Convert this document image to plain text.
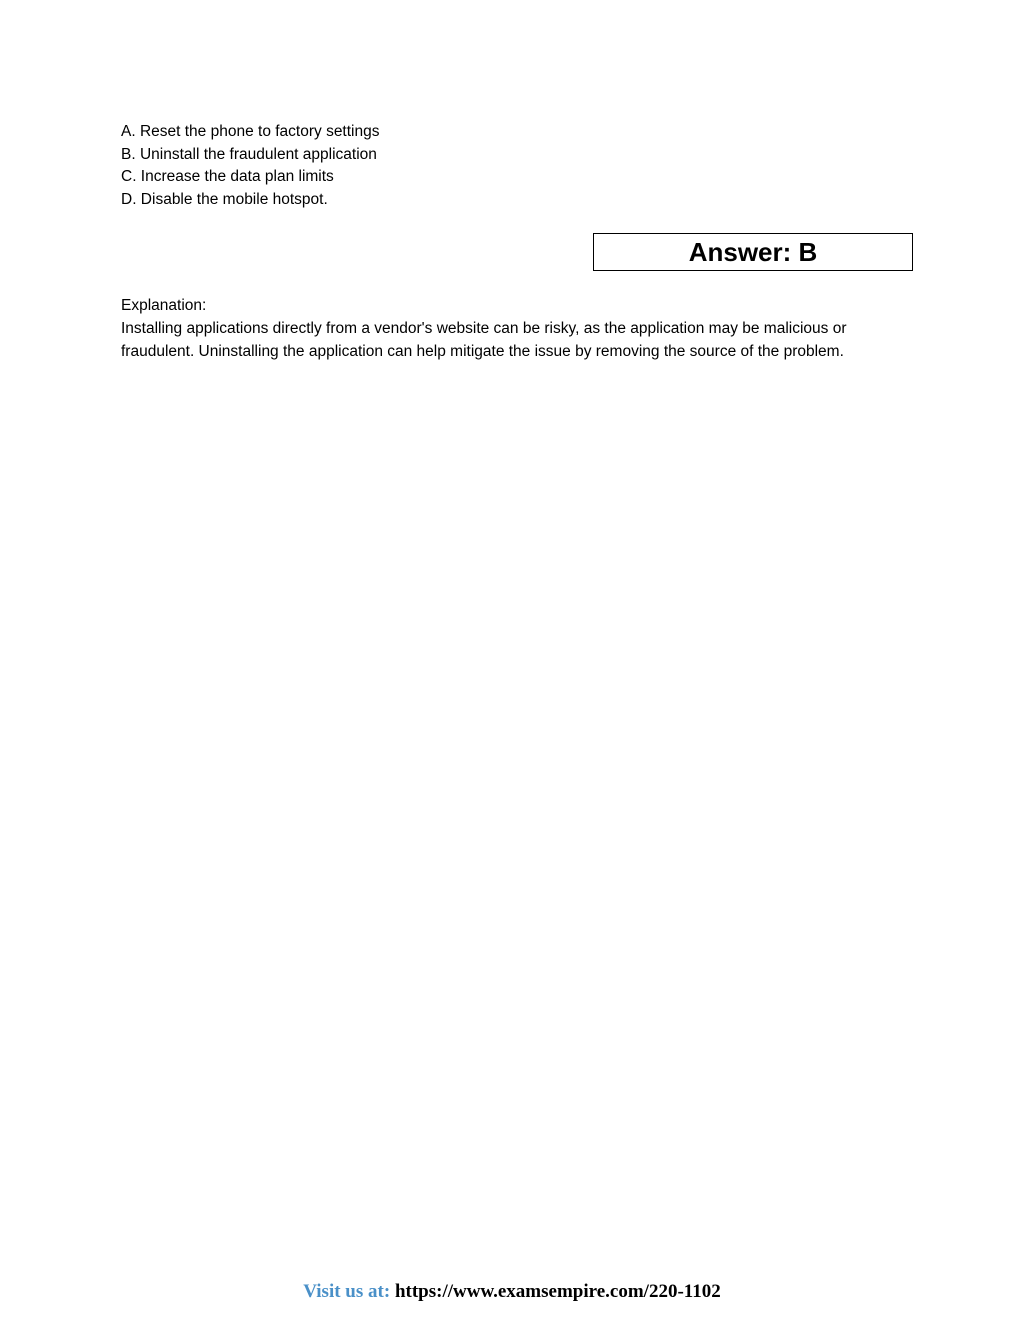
A. Reset the phone to factory settings
B. Uninstall the fraudulent application
C. Increase the data plan limits
D. Disable the mobile hotspot.
Answer: B

Explanation:

Installing applications directly from a vendor's website can be risky, as the application may be malicious or fraudulent. Uninstalling the application can help mitigate the issue by removing the source of the problem.

Visit us at: https://www.examsempire.com/220-1102
